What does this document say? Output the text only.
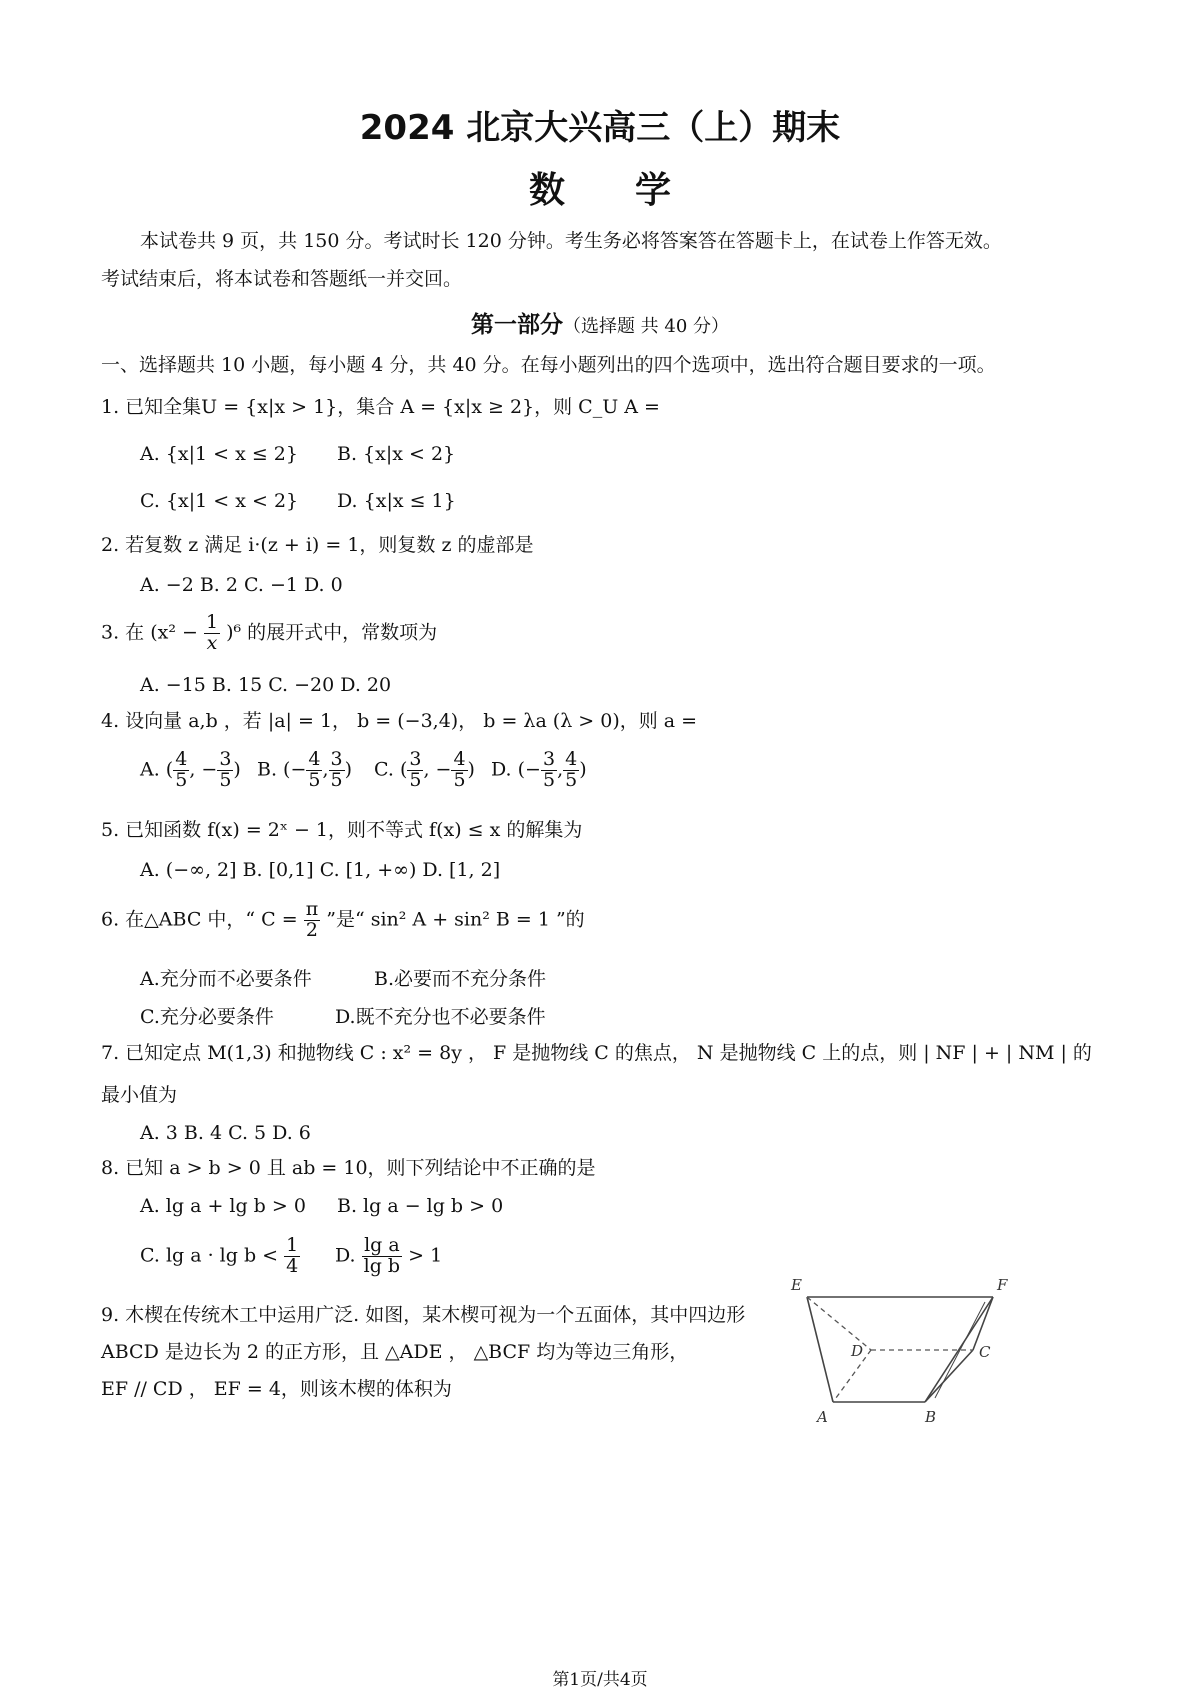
2024 北京大兴高三（上）期末
数学
本试卷共 9 页，共 150 分。考试时长 120 分钟。考生务必将答案答在答题卡上，在试卷上作答无效。
考试结束后，将本试卷和答题纸一并交回。
第一部分（选择题 共 40 分）
一、选择题共 10 小题，每小题 4 分，共 40 分。在每小题列出的四个选项中，选出符合题目要求的一项。
1. 已知全集U = {x|x > 1}，集合 A = {x|x ≥ 2}，则 C_U A =
A. {x|1 < x ≤ 2} B. {x|x < 2}
C. {x|1 < x < 2} D. {x|x ≤ 1}
2. 若复数 z 满足 i·(z + i) = 1，则复数 z 的虚部是
A. −2 B. 2 C. −1 D. 0
3. 在 $(x^2 - \frac{1}{x} )^6$ 的展开式中，常数项为
A. −15 B. 15 C. −20 D. 20
4. 设向量 a,b ，若 |a| = 1， b = (−3,4)， b = λa (λ > 0)，则 a =
A. ( $\frac{4}{5}$ , − $\frac{3}{5}$ ) B. (− $\frac{4}{5}$ , $\frac{3}{5}$ ) C. ( $\frac{3}{5}$ , − $\frac{4}{5}$ ) D. (− $\frac{3}{5}$ , $\frac{4}{5}$ )
5. 已知函数 f(x) = 2ˣ − 1，则不等式 f(x) ≤ x 的解集为
A. (−∞, 2] B. [0,1] C. [1, +∞) D. [1, 2]
6. 在△ABC 中，“ $C = \frac{\pi}{2}$ ”是“ sin² A + sin² B = 1 ”的
A.充分而不必要条件	B.必要而不充分条件
C.充分必要条件	D.既不充分也不必要条件
7. 已知定点 M(1,3) 和抛物线 C : x² = 8y ， F 是抛物线 C 的焦点， N 是抛物线 C 上的点，则 | NF | + | NM | 的
最小值为
A. 3 B. 4 C. 5 D. 6
8. 已知 a > b > 0 且 ab = 10，则下列结论中不正确的是
A. lg a + lg b > 0 B. lg a − lg b > 0
C. $\lg a \cdot \lg b < \frac{1}{4} D$. $\frac{\text{lg a}}{\text{lg b}} > 1$
9. 木楔在传统木工中运用广泛. 如图，某木楔可视为一个五面体，其中四边形
ABCD 是边长为 2 的正方形，且 △ADE ， △BCF 均为等边三角形，
EF // CD ， EF = 4，则该木楔的体积为
E	F
D	C
A	B
第1页/共4页
